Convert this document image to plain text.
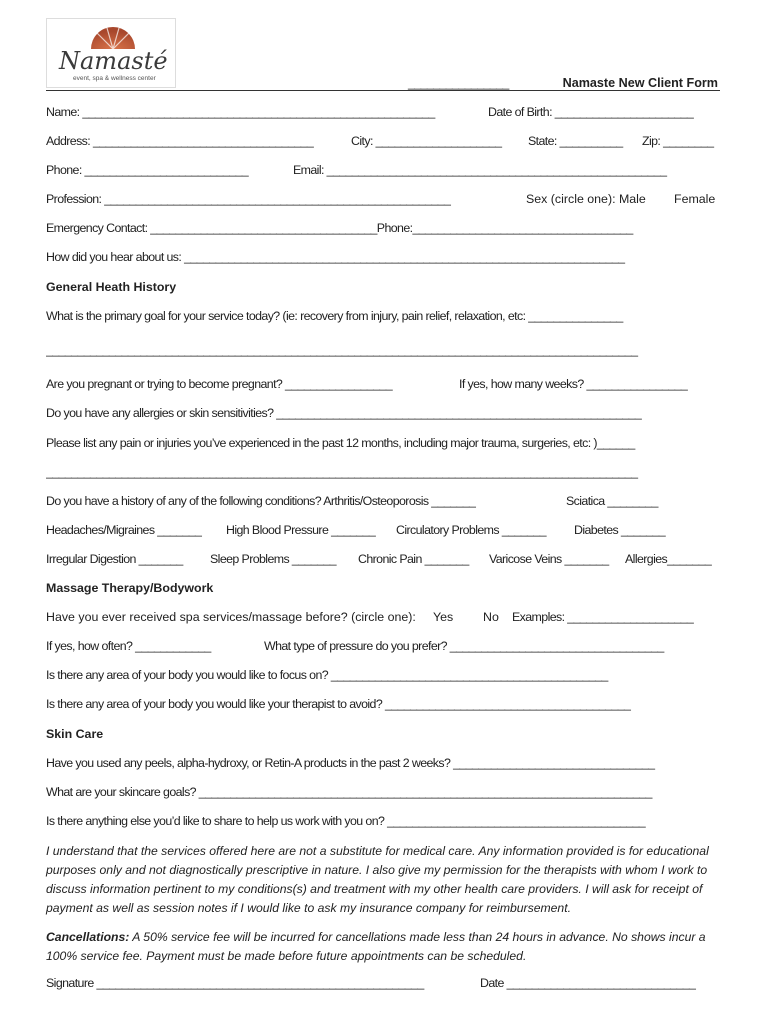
Namasté
event, spa & wellness center	________________	Namaste New Client Form
Name: ________________________________________________________	Date of Birth: ______________________
Address: ___________________________________	City: ____________________ State: __________ Zip: ________
Phone: __________________________	Email: ______________________________________________________
Profession: _______________________________________________________	Sex (circle one): Male Female
Emergency Contact: ____________________________________Phone:___________________________________
How did you hear about us: ______________________________________________________________________
General Heath History
What is the primary goal for your service today? (ie: recovery from injury, pain relief, relaxation, etc: _______________
______________________________________________________________________________________________
Are you pregnant or trying to become pregnant? _________________	If yes, how many weeks? ________________
Do you have any allergies or skin sensitivities? __________________________________________________________
Please list any pain or injuries you’ve experienced in the past 12 months, including major trauma, surgeries, etc: )______
______________________________________________________________________________________________
Do you have a history of any of the following conditions? Arthritis/Osteoporosis _______	Sciatica ________
Headaches/Migraines _______ High Blood Pressure _______ Circulatory Problems _______ Diabetes _______
Irregular Digestion _______ Sleep Problems _______ Chronic Pain _______ Varicose Veins _______ Allergies_______
Massage Therapy/Bodywork
Have you ever received spa services/massage before? (circle one): Yes No Examples: ____________________
If yes, how often? ____________	What type of pressure do you prefer? __________________________________
Is there any area of your body you would like to focus on? ____________________________________________
Is there any area of your body you would like your therapist to avoid? _______________________________________
Skin Care
Have you used any peels, alpha-hydroxy, or Retin-A products in the past 2 weeks? ________________________________
What are your skincare goals? ________________________________________________________________________
Is there anything else you’d like to share to help us work with you on? _________________________________________
I understand that the services offered here are not a substitute for medical care. Any information provided is for educational purposes only and not diagnostically prescriptive in nature. I also give my permission for the therapists with whom I work to discuss information pertinent to my conditions(s) and treatment with my other health care providers. I will ask for receipt of payment as well as session notes if I would like to ask my insurance company for reimbursement.
Cancellations: A 50% service fee will be incurred for cancellations made less than 24 hours in advance. No shows incur a 100% service fee. Payment must be made before future appointments can be scheduled.
Signature ____________________________________________________	Date ______________________________
